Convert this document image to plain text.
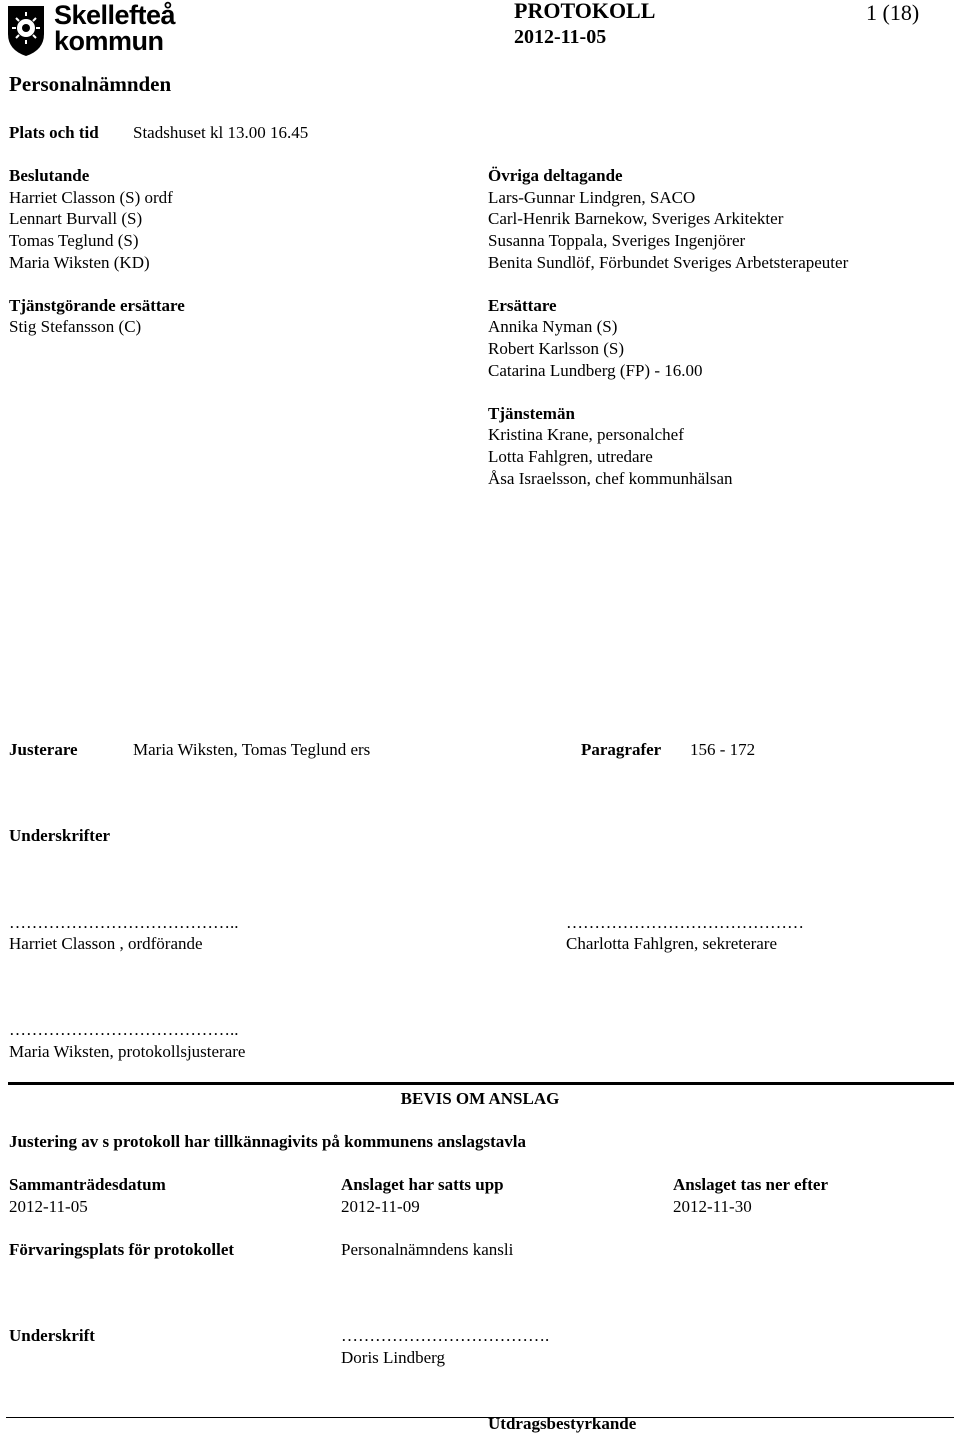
Skellefteå
kommun
PROTOKOLL	1 (18)
2012-11-05
Personalnämnden
Plats och tid Stadshuset kl 13.00 16.45
Beslutande
Harriet Classon (S) ordf
Lennart Burvall (S)
Tomas Teglund (S)
Maria Wiksten (KD)
Tjänstgörande ersättare
Stig Stefansson (C)
Övriga deltagande
Lars-Gunnar Lindgren, SACO
Carl-Henrik Barnekow, Sveriges Arkitekter
Susanna Toppala, Sveriges Ingenjörer
Benita Sundlöf, Förbundet Sveriges Arbetsterapeuter
Ersättare
Annika Nyman (S)
Robert Karlsson (S)
Catarina Lundberg (FP) - 16.00
Tjänstemän
Kristina Krane, personalchef
Lotta Fahlgren, utredare
Åsa Israelsson, chef kommunhälsan
Justerare	Maria Wiksten, Tomas Teglund ers	Paragrafer 156 - 172
Underskrifter
…………………………………..
Harriet Classon , ordförande
……………………………………
Charlotta Fahlgren, sekreterare
…………………………………..
Maria Wiksten, protokollsjusterare
BEVIS OM ANSLAG
Justering av s protokoll har tillkännagivits på kommunens anslagstavla
Sammanträdesdatum
2012-11-05
Anslaget har satts upp
2012-11-09
Anslaget tas ner efter
2012-11-30
Förvaringsplats för protokollet	Personalnämndens kansli
Underskrift	……………………………….
Doris Lindberg
Utdragsbestyrkande
